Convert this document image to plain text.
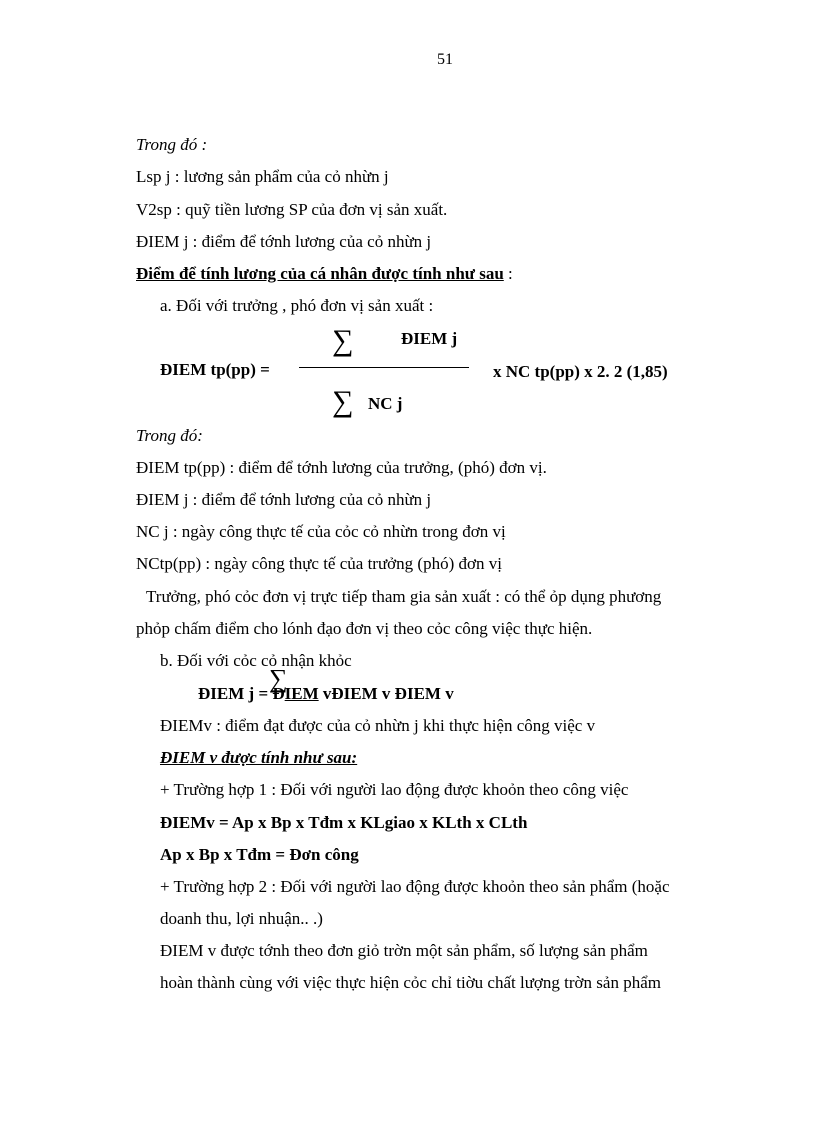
51
Trong đó :
Lsp j : lương sản phẩm của cỏ nhừn j
V2sp : quỹ tiền lương SP của đơn vị sản xuất.
ĐIEM j : điểm để tớnh lương của cỏ nhừn j
Điểm để tính lương của cá nhân được tính như sau :
a. Đối với trưởng , phó đơn vị sản xuất :
∑	ĐIEM j
ĐIEM tp(pp) =	x NC tp(pp) x 2. 2 (1,85)
∑ NC j
Trong đó:
ĐIEM tp(pp) : điểm để tớnh lương của trưởng, (phó) đơn vị.
ĐIEM j : điểm để tớnh lương của cỏ nhừn j
NC j : ngày công thực tế của cỏc cỏ nhừn trong đơn vị
NCtp(pp) : ngày công thực tế của trưởng (phó) đơn vị
Trưởng, phó cỏc đơn vị trực tiếp tham gia sản xuất : có thể ỏp dụng phương
phỏp chấm điểm cho lónh đạo đơn vị theo cỏc công việc thực hiện.
b. Đối với cỏc cỏ nhận khỏc
∑
ĐIEM j = ĐIEM vĐIEM v ĐIEM v
ĐIEMv : điểm đạt được của cỏ nhừn j khi thực hiện công việc v
ĐIEM v được tính như sau:
+ Trường hợp 1 : Đối với người lao động được khoỏn theo công việc
ĐIEMv = Ap x Bp x Tđm x KLgiao x KLth x CLth
Ap x Bp x Tđm = Đơn công
+ Trường hợp 2 : Đối với người lao động được khoỏn theo sản phẩm (hoặc
doanh thu, lợi nhuận.. .)
ĐIEM v được tớnh theo đơn giỏ trờn một sản phẩm, số lượng sản phẩm
hoàn thành cùng với việc thực hiện cỏc chỉ tiờu chất lượng trờn sản phẩm
